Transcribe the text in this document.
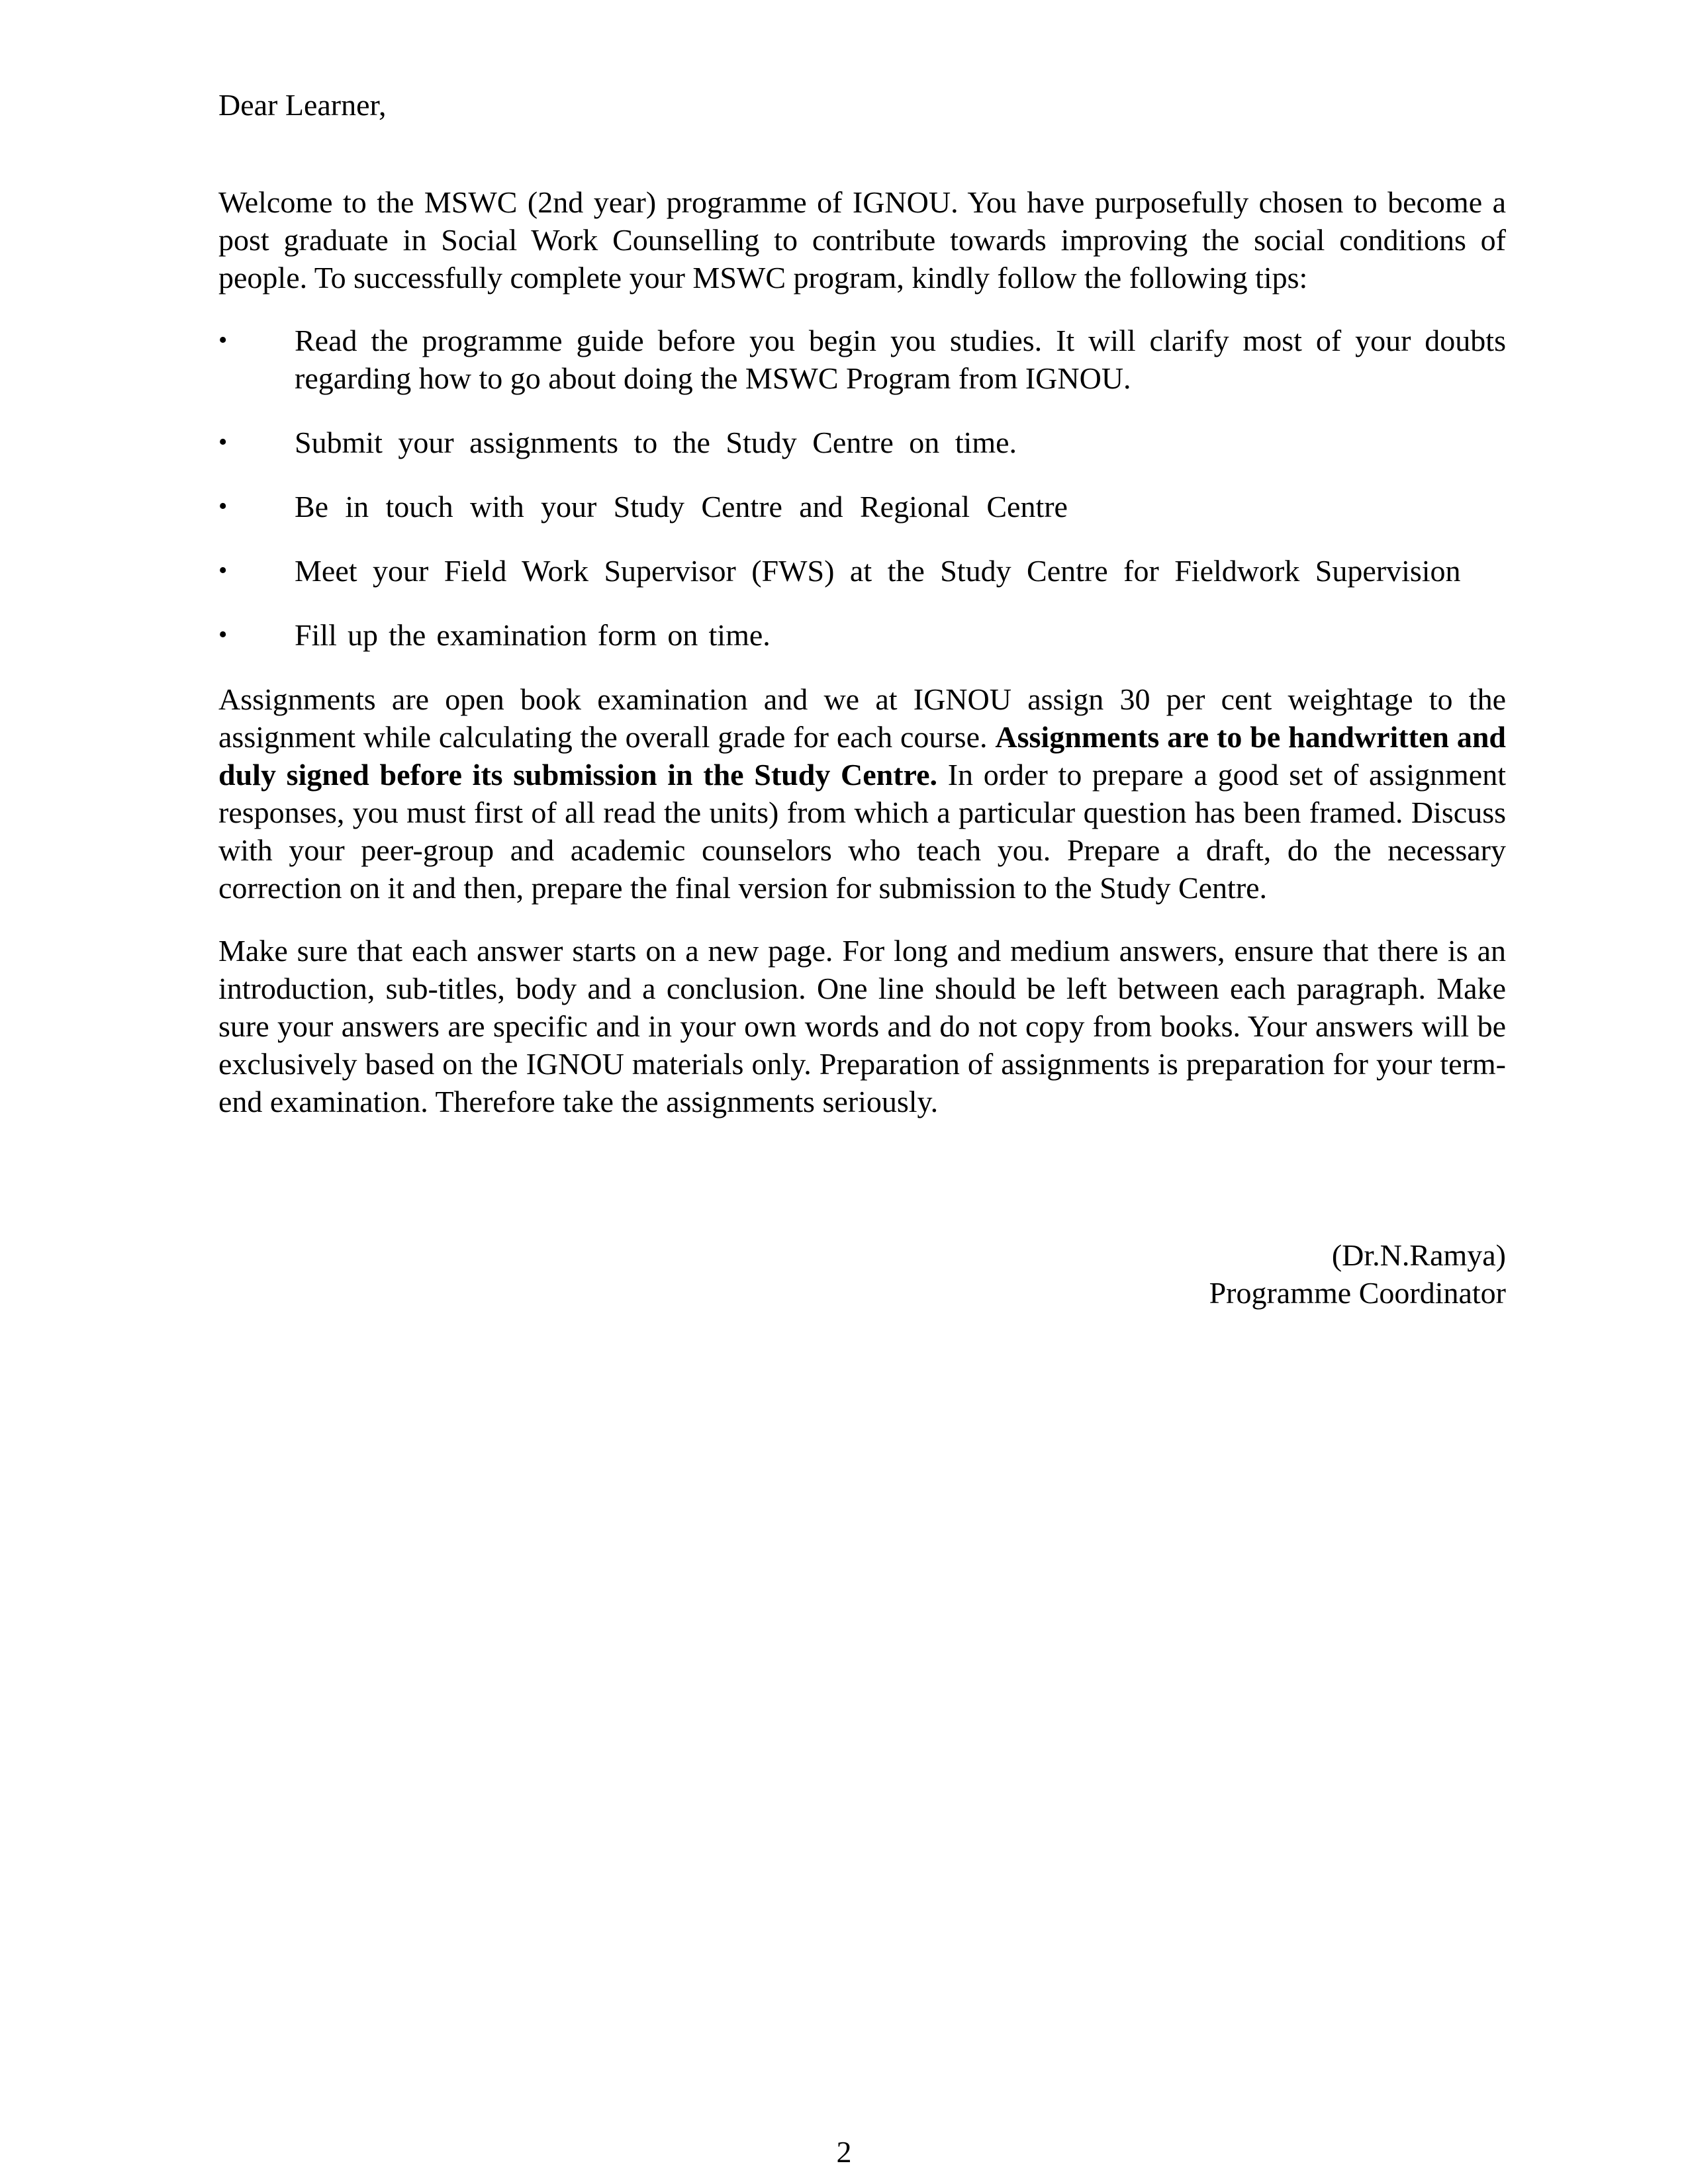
Dear Learner,

Welcome to the MSWC (2nd year) programme of IGNOU. You have purposefully chosen to become a post graduate in Social Work Counselling to contribute towards improving the social conditions of people. To successfully complete your MSWC program, kindly follow the following tips:

• Read the programme guide before you begin you studies. It will clarify most of your doubts regarding how to go about doing the MSWC Program from IGNOU.
• Submit your assignments to the Study Centre on time.
• Be in touch with your Study Centre and Regional Centre
• Meet your Field Work Supervisor (FWS) at the Study Centre for Fieldwork Supervision
• Fill up the examination form on time.

Assignments are open book examination and we at IGNOU assign 30 per cent weightage to the assignment while calculating the overall grade for each course. Assignments are to be handwritten and duly signed before its submission in the Study Centre. In order to prepare a good set of assignment responses, you must first of all read the units) from which a particular question has been framed. Discuss with your peer-group and academic counselors who teach you. Prepare a draft, do the necessary correction on it and then, prepare the final version for submission to the Study Centre.

Make sure that each answer starts on a new page. For long and medium answers, ensure that there is an introduction, sub-titles, body and a conclusion. One line should be left between each paragraph. Make sure your answers are specific and in your own words and do not copy from books. Your answers will be exclusively based on the IGNOU materials only. Preparation of assignments is preparation for your term-end examination. Therefore take the assignments seriously.

(Dr.N.Ramya)

Programme Coordinator

2
